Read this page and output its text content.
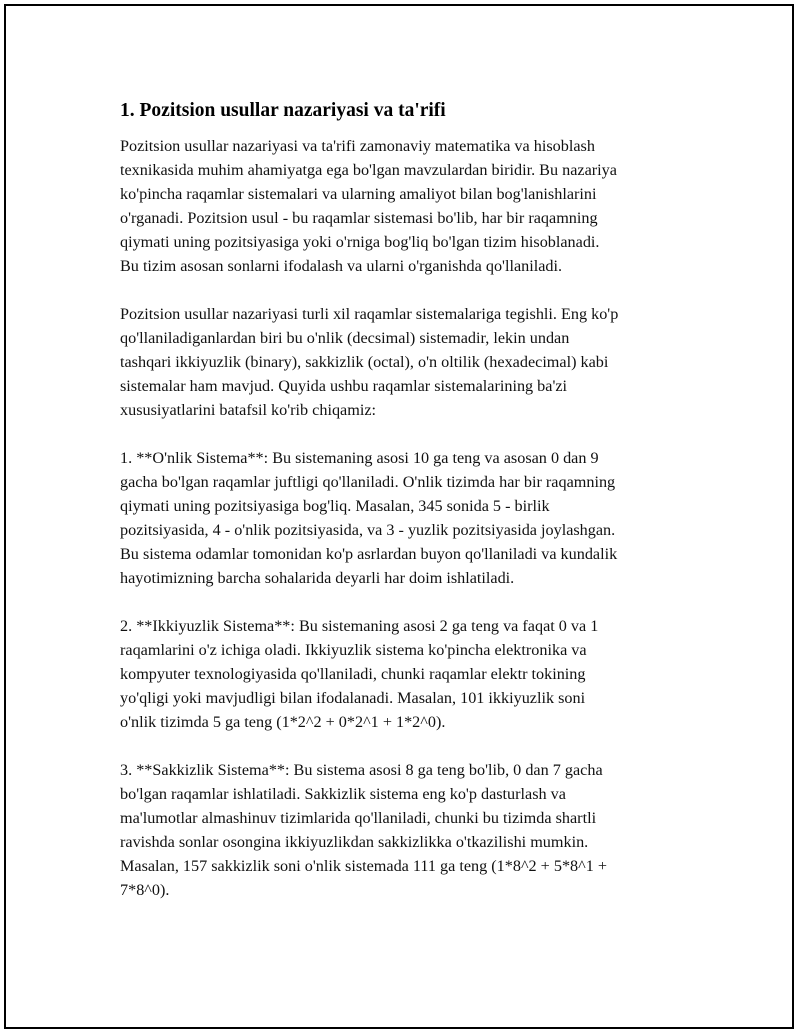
1. Pozitsion usullar nazariyasi va ta'rifi

Pozitsion usullar nazariyasi va ta'rifi zamonaviy matematika va hisoblash
texnikasida muhim ahamiyatga ega bo'lgan mavzulardan biridir. Bu nazariya
ko'pincha raqamlar sistemalari va ularning amaliyot bilan bog'lanishlarini
o'rganadi. Pozitsion usul - bu raqamlar sistemasi bo'lib, har bir raqamning
qiymati uning pozitsiyasiga yoki o'rniga bog'liq bo'lgan tizim hisoblanadi.
Bu tizim asosan sonlarni ifodalash va ularni o'rganishda qo'llaniladi.

Pozitsion usullar nazariyasi turli xil raqamlar sistemalariga tegishli. Eng ko'p
qo'llaniladiganlardan biri bu o'nlik (decsimal) sistemadir, lekin undan
tashqari ikkiyuzlik (binary), sakkizlik (octal), o'n oltilik (hexadecimal) kabi
sistemalar ham mavjud. Quyida ushbu raqamlar sistemalarining ba'zi
xususiyatlarini batafsil ko'rib chiqamiz:

1. **O'nlik Sistema**: Bu sistemaning asosi 10 ga teng va asosan 0 dan 9
gacha bo'lgan raqamlar juftligi qo'llaniladi. O'nlik tizimda har bir raqamning
qiymati uning pozitsiyasiga bog'liq. Masalan, 345 sonida 5 - birlik
pozitsiyasida, 4 - o'nlik pozitsiyasida, va 3 - yuzlik pozitsiyasida joylashgan.
Bu sistema odamlar tomonidan ko'p asrlardan buyon qo'llaniladi va kundalik
hayotimizning barcha sohalarida deyarli har doim ishlatiladi.

2. **Ikkiyuzlik Sistema**: Bu sistemaning asosi 2 ga teng va faqat 0 va 1
raqamlarini o'z ichiga oladi. Ikkiyuzlik sistema ko'pincha elektronika va
kompyuter texnologiyasida qo'llaniladi, chunki raqamlar elektr tokining
yo'qligi yoki mavjudligi bilan ifodalanadi. Masalan, 101 ikkiyuzlik soni
o'nlik tizimda 5 ga teng (1*2^2 + 0*2^1 + 1*2^0).

3. **Sakkizlik Sistema**: Bu sistema asosi 8 ga teng bo'lib, 0 dan 7 gacha
bo'lgan raqamlar ishlatiladi. Sakkizlik sistema eng ko'p dasturlash va
ma'lumotlar almashinuv tizimlarida qo'llaniladi, chunki bu tizimda shartli
ravishda sonlar osongina ikkiyuzlikdan sakkizlikka o'tkazilishi mumkin.
Masalan, 157 sakkizlik soni o'nlik sistemada 111 ga teng (1*8^2 + 5*8^1 +
7*8^0).
